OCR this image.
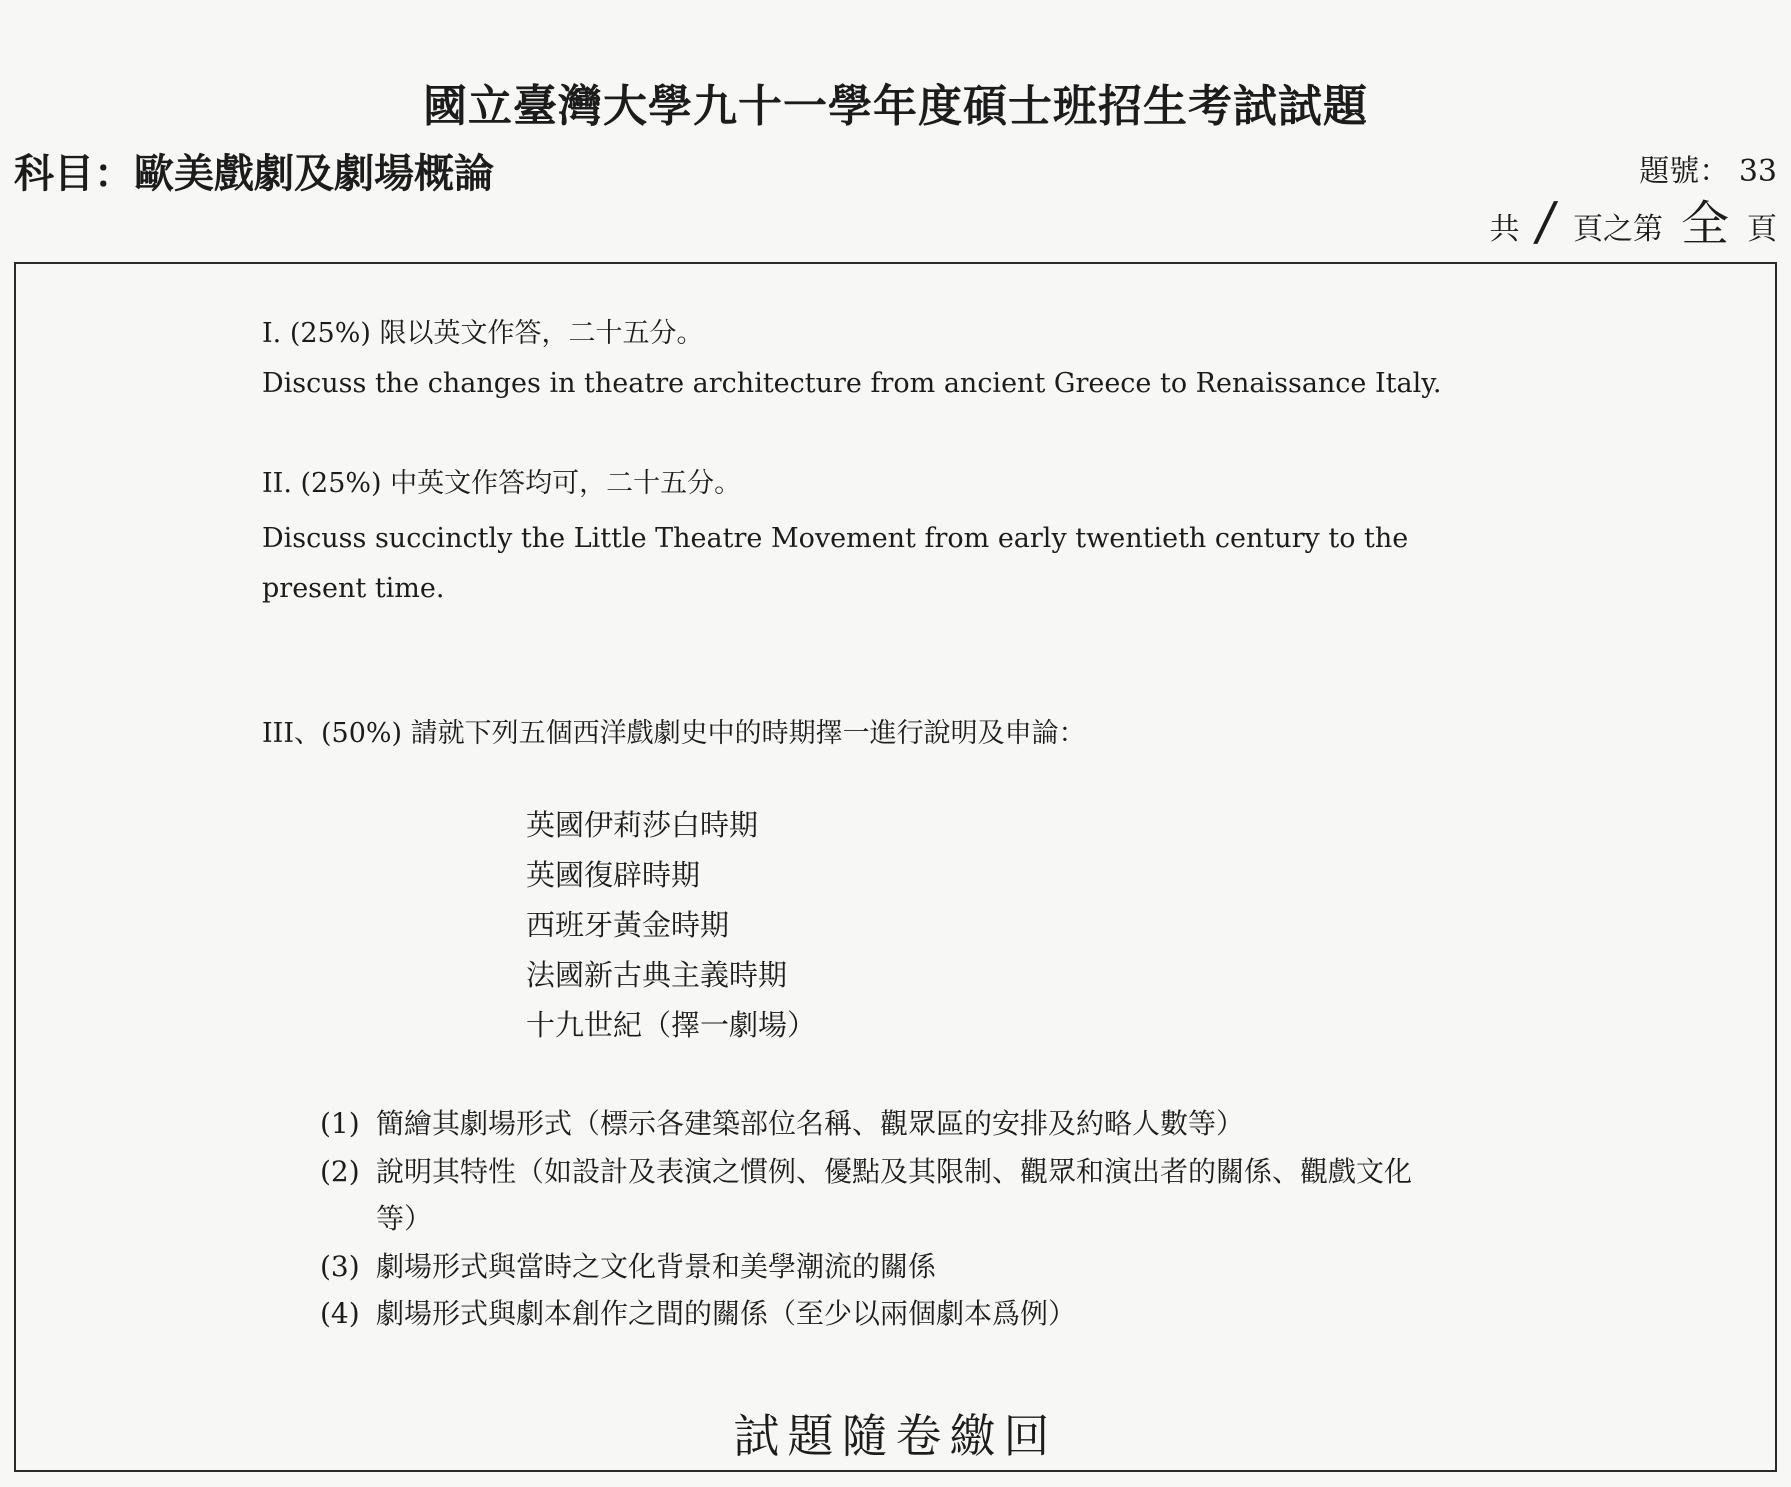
國立臺灣大學九十一學年度碩士班招生考試試題
科目：歐美戲劇及劇場概論	題號： 33
共 / 頁之第 全 頁
I. (25%) 限以英文作答，二十五分。
Discuss the changes in theatre architecture from ancient Greece to Renaissance Italy.
II. (25%) 中英文作答均可，二十五分。
Discuss succinctly the Little Theatre Movement from early twentieth century to the present time.
III、(50%) 請就下列五個西洋戲劇史中的時期擇一進行說明及申論：
英國伊莉莎白時期
英國復辟時期
西班牙黃金時期
法國新古典主義時期
十九世紀（擇一劇場）
(1) 簡繪其劇場形式（標示各建築部位名稱、觀眾區的安排及約略人數等）
(2) 說明其特性（如設計及表演之慣例、優點及其限制、觀眾和演出者的關係、觀戲文化等）
(3) 劇場形式與當時之文化背景和美學潮流的關係
(4) 劇場形式與劇本創作之間的關係（至少以兩個劇本爲例）
試題隨卷繳回
